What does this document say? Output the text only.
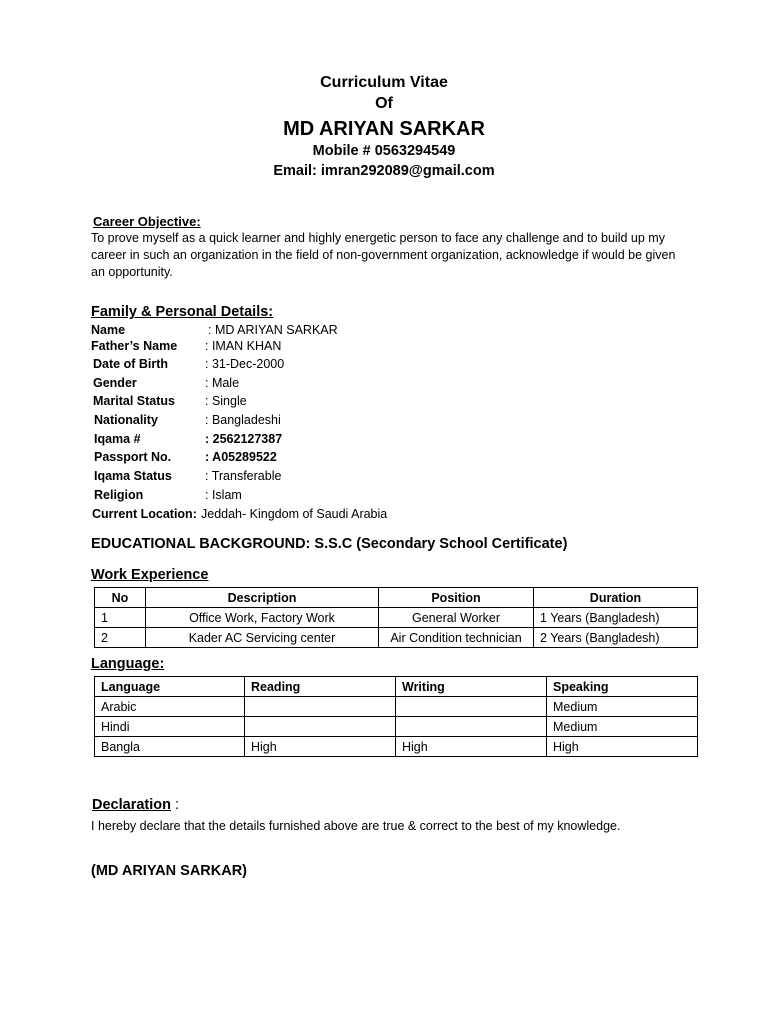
Curriculum Vitae
Of
MD ARIYAN SARKAR
Mobile # 0563294549
Email: imran292089@gmail.com
Career Objective:
To prove myself as a quick learner and highly energetic person to face any challenge and to build up my career in such an organization in the field of non-government organization, acknowledge if would be given an opportunity.
Family & Personal Details:
Name	: MD ARIYAN SARKAR
Father’s Name : IMAN KHAN
Date of Birth	: 31-Dec-2000
Gender	: Male
Marital Status : Single
Nationality	: Bangladeshi
Iqama #	: 2562127387
Passport No.	: A05289522
Iqama Status	: Transferable
Religion	: Islam
Current Location: Jeddah- Kingdom of Saudi Arabia
EDUCATIONAL BACKGROUND: S.S.C (Secondary School Certificate)
Work Experience
No	Description	Position	Duration
1	Office Work, Factory Work	General Worker	1 Years (Bangladesh)
2	Kader AC Servicing center	Air Condition technician	2 Years (Bangladesh)
Language:
Language	Reading	Writing	Speaking
Arabic			Medium
Hindi			Medium
Bangla	High	High	High
Declaration :
I hereby declare that the details furnished above are true & correct to the best of my knowledge.
(MD ARIYAN SARKAR)
